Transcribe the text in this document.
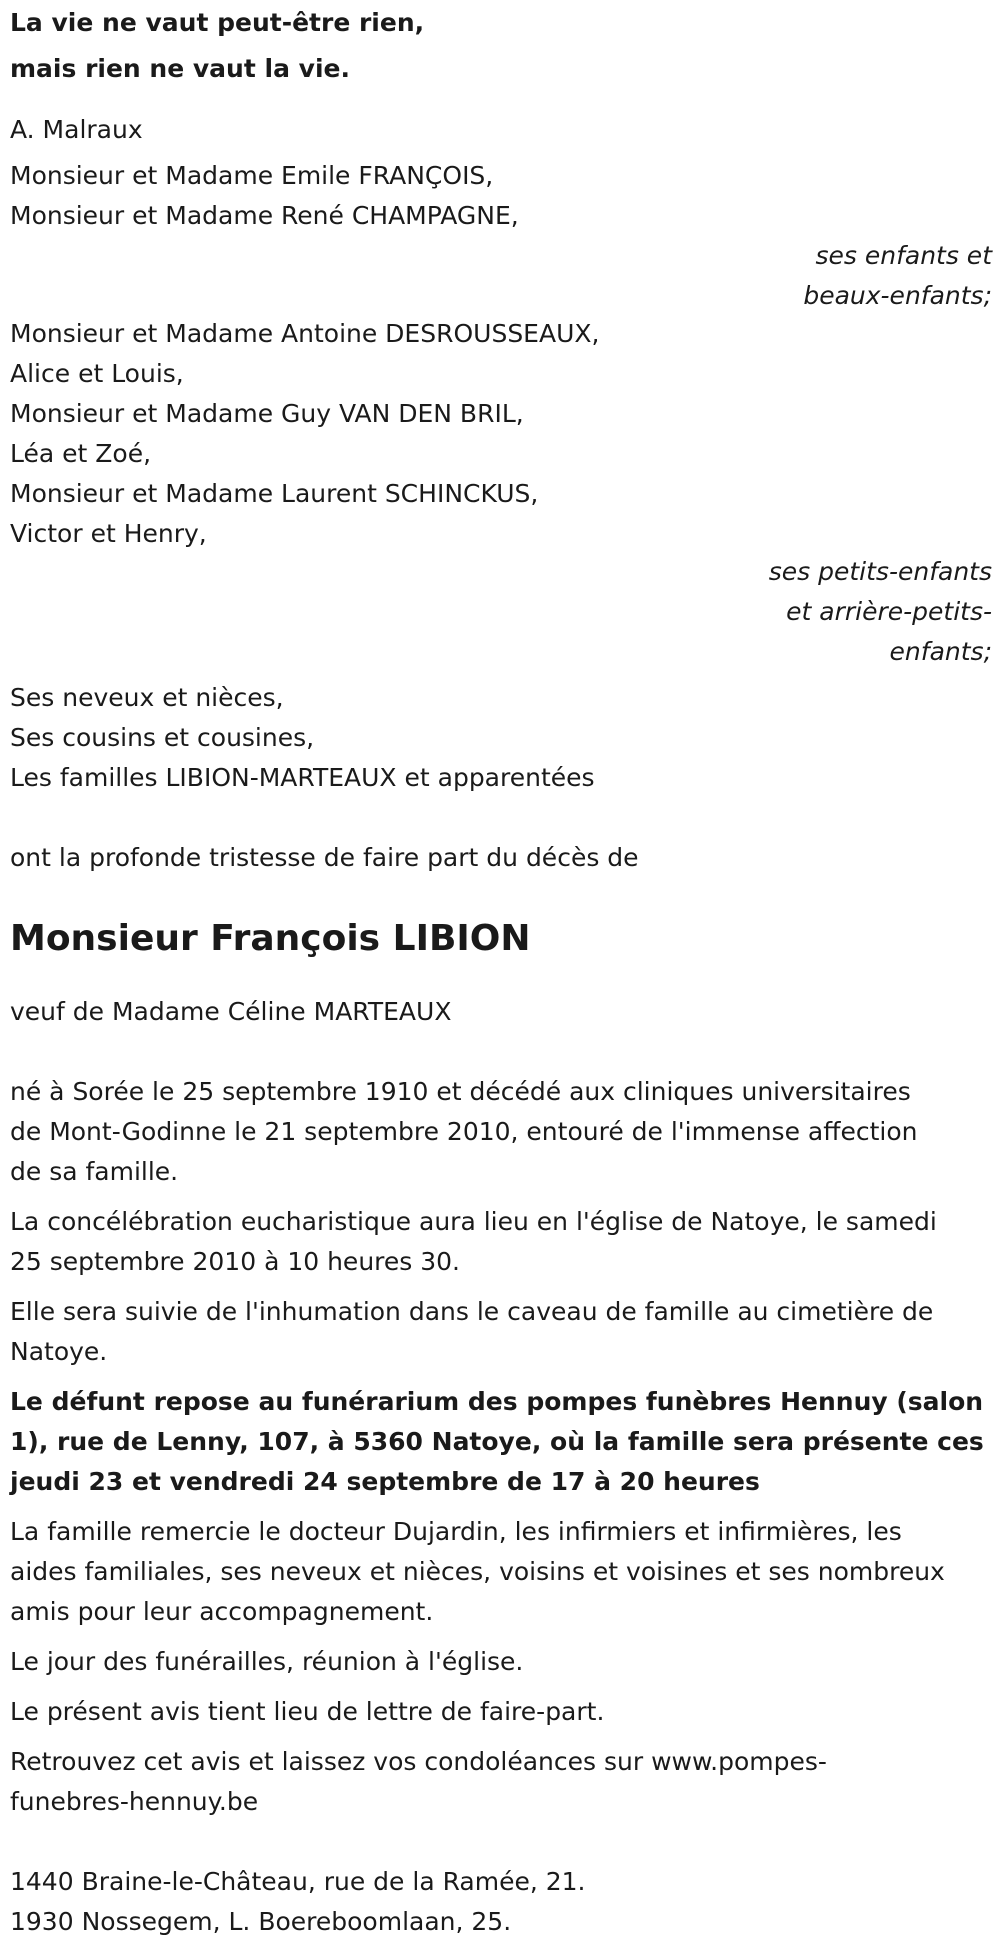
La vie ne vaut peut-être rien,
mais rien ne vaut la vie.
A. Malraux
Monsieur et Madame Emile FRANÇOIS,
Monsieur et Madame René CHAMPAGNE,
ses enfants et
beaux-enfants;
Monsieur et Madame Antoine DESROUSSEAUX,
Alice et Louis,
Monsieur et Madame Guy VAN DEN BRIL,
Léa et Zoé,
Monsieur et Madame Laurent SCHINCKUS,
Victor et Henry,
ses petits-enfants
et arrière-petits-
enfants;
Ses neveux et nièces,
Ses cousins et cousines,
Les familles LIBION-MARTEAUX et apparentées
ont la profonde tristesse de faire part du décès de
Monsieur François LIBION
veuf de Madame Céline MARTEAUX
né à Sorée le 25 septembre 1910 et décédé aux cliniques universitaires
de Mont-Godinne le 21 septembre 2010, entouré de l'immense affection
de sa famille.
La concélébration eucharistique aura lieu en l'église de Natoye, le samedi
25 septembre 2010 à 10 heures 30.
Elle sera suivie de l'inhumation dans le caveau de famille au cimetière de
Natoye.
Le défunt repose au funérarium des pompes funèbres Hennuy (salon
1), rue de Lenny, 107, à 5360 Natoye, où la famille sera présente ces
jeudi 23 et vendredi 24 septembre de 17 à 20 heures
La famille remercie le docteur Dujardin, les infirmiers et infirmières, les
aides familiales, ses neveux et nièces, voisins et voisines et ses nombreux
amis pour leur accompagnement.
Le jour des funérailles, réunion à l'église.
Le présent avis tient lieu de lettre de faire-part.
Retrouvez cet avis et laissez vos condoléances sur www.pompes-
funebres-hennuy.be
1440 Braine-le-Château, rue de la Ramée, 21.
1930 Nossegem, L. Boereboomlaan, 25.
